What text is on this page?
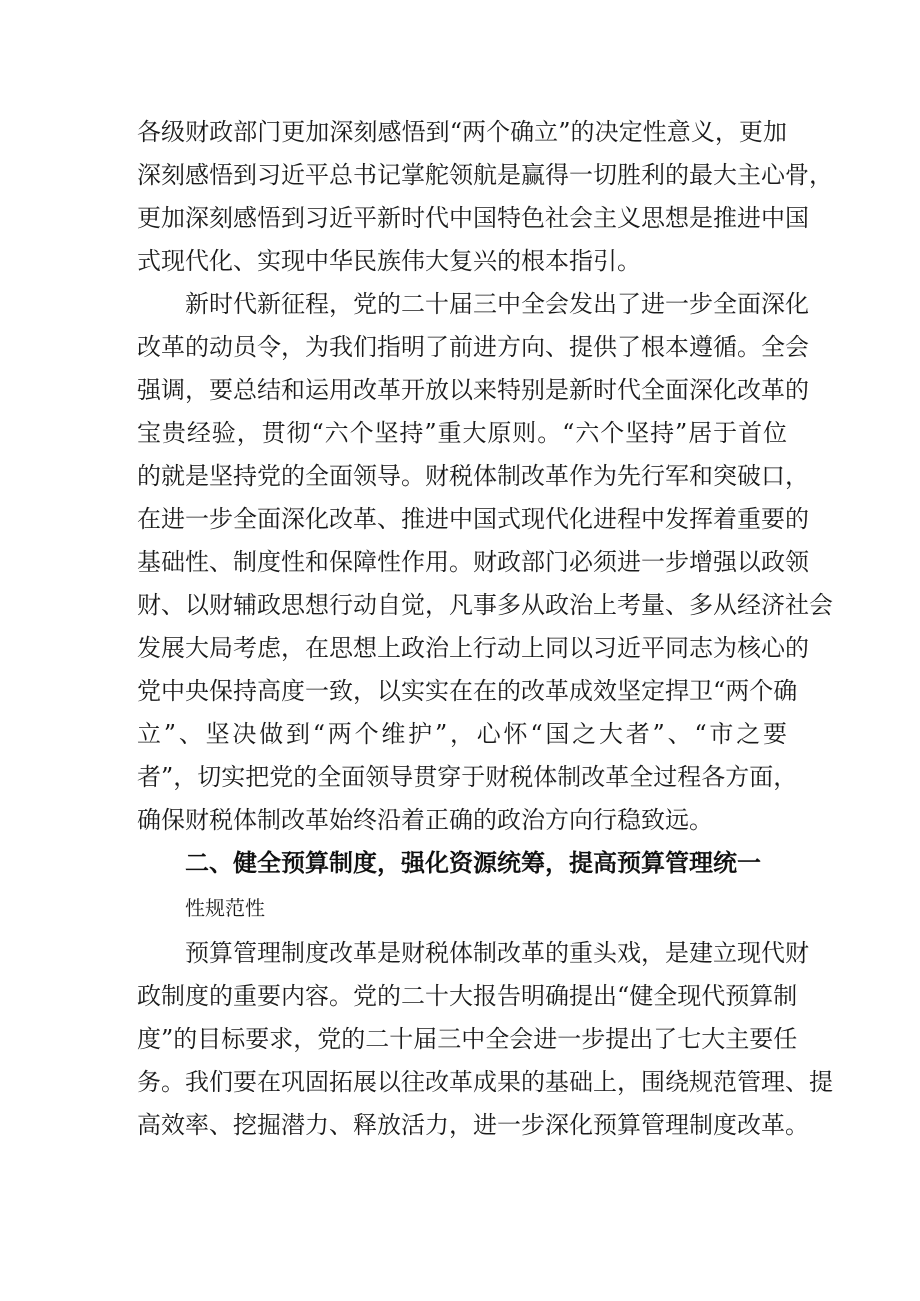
各级财政部门更加深刻感悟到“两个确立”的决定性意义，更加
深刻感悟到习近平总书记掌舵领航是赢得一切胜利的最大主心骨，
更加深刻感悟到习近平新时代中国特色社会主义思想是推进中国
式现代化、实现中华民族伟大复兴的根本指引。
新时代新征程，党的二十届三中全会发出了进一步全面深化
改革的动员令，为我们指明了前进方向、提供了根本遵循。全会
强调，要总结和运用改革开放以来特别是新时代全面深化改革的
宝贵经验，贯彻“六个坚持”重大原则。“六个坚持”居于首位
的就是坚持党的全面领导。财税体制改革作为先行军和突破口，
在进一步全面深化改革、推进中国式现代化进程中发挥着重要的
基础性、制度性和保障性作用。财政部门必须进一步增强以政领
财、以财辅政思想行动自觉，凡事多从政治上考量、多从经济社会
发展大局考虑，在思想上政治上行动上同以习近平同志为核心的
党中央保持高度一致，以实实在在的改革成效坚定捍卫“两个确
立”、坚决做到“两个维护”，心怀“国之大者”、“市之要
者”，切实把党的全面领导贯穿于财税体制改革全过程各方面，
确保财税体制改革始终沿着正确的政治方向行稳致远。
二、健全预算制度，强化资源统筹，提高预算管理统一
性规范性
预算管理制度改革是财税体制改革的重头戏，是建立现代财
政制度的重要内容。党的二十大报告明确提出“健全现代预算制
度”的目标要求，党的二十届三中全会进一步提出了七大主要任
务。我们要在巩固拓展以往改革成果的基础上，围绕规范管理、提
高效率、挖掘潜力、释放活力，进一步深化预算管理制度改革。
